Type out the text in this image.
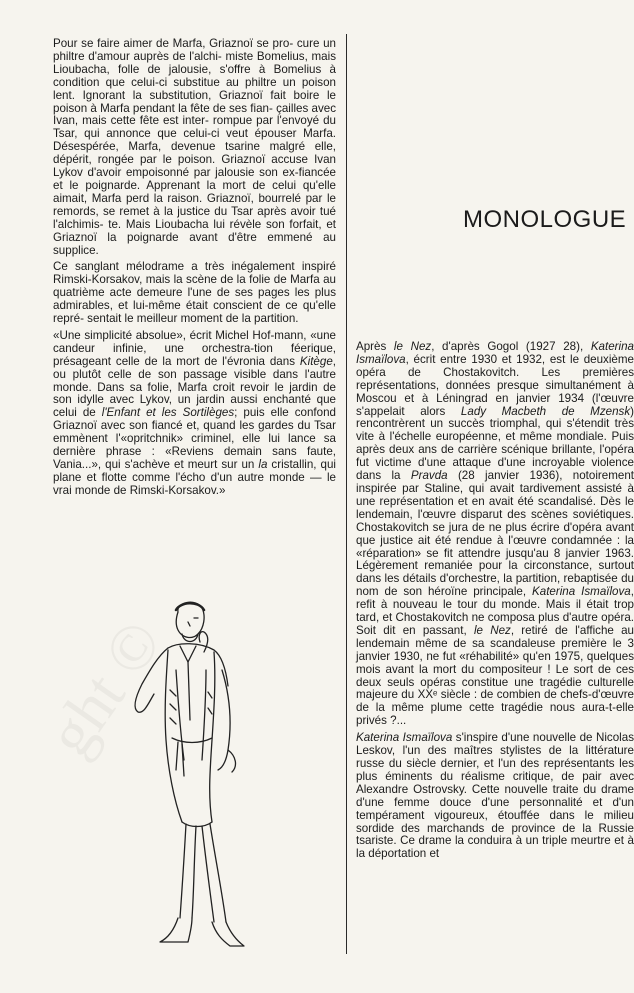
Pour se faire aimer de Marfa, Griaznoï se pro- cure un philtre d'amour auprès de l'alchi- miste Bomelius, mais Lioubacha, folle de jalousie, s'offre à Bomelius à condition que celui-ci substitue au philtre un poison lent. Ignorant la substitution, Griaznoï fait boire le poison à Marfa pendant la fête de ses fian- çailles avec Ivan, mais cette fête est inter- rompue par l'envoyé du Tsar, qui annonce que celui-ci veut épouser Marfa. Désespérée, Marfa, devenue tsarine malgré elle, dépérit, rongée par le poison. Griaznoï accuse Ivan Lykov d'avoir empoisonné par jalousie son ex-fiancée et le poignarde. Apprenant la mort de celui qu'elle aimait, Marfa perd la raison. Griaznoï, bourrelé par le remords, se remet à la justice du Tsar après avoir tué l'alchimis- te. Mais Lioubacha lui révèle son forfait, et Griaznoï la poignarde avant d'être emmené au supplice.

Ce sanglant mélodrame a très inégalement inspiré Rimski-Korsakov, mais la scène de la folie de Marfa au quatrième acte demeure l'une de ses pages les plus admirables, et lui-même était conscient de ce qu'elle repré- sentait le meilleur moment de la partition.

«Une simplicité absolue», écrit Michel Hof-mann, «une candeur infinie, une orchestra-tion féerique, présageant celle de la mort de l'évronia dans Kitège, ou plutôt celle de son passage visible dans l'autre monde. Dans sa folie, Marfa croit revoir le jardin de son idylle avec Lykov, un jardin aussi enchanté que celui de l'Enfant et les Sortilèges; puis elle confond Griaznoï avec son fiancé et, quand les gardes du Tsar emmènent l'«opritchnik» criminel, elle lui lance sa dernière phrase : «Reviens demain sans faute, Vania...», qui s'achève et meurt sur un la cristallin, qui plane et flotte comme l'écho d'un autre monde — le vrai monde de Rimski-Korsakov.»

MONOLOGUE

Après le Nez, d'après Gogol (1927 28), Katerina Ismaïlova, écrit entre 1930 et 1932, est le deuxième opéra de Chostakovitch. Les premières représentations, données presque simultanément à Moscou et à Léningrad en janvier 1934 (l'œuvre s'appelait alors Lady Macbeth de Mzensk) rencontrèrent un succès triomphal, qui s'étendit très vite à l'échelle européenne, et même mondiale. Puis après deux ans de carrière scénique brillante, l'opéra fut victime d'une attaque d'une incroyable violence dans la Pravda (28 janvier 1936), notoirement inspirée par Staline, qui avait tardivement assisté à une représentation et en avait été scandalisé. Dès le lendemain, l'œuvre disparut des scènes soviétiques. Chostakovitch se jura de ne plus écrire d'opéra avant que justice ait été rendue à l'œuvre condamnée : la «réparation» se fit attendre jusqu'au 8 janvier 1963. Légèrement remaniée pour la circonstance, surtout dans les détails d'orchestre, la partition, rebaptisée du nom de son héroïne principale, Katerina Ismaïlova, refit à nouveau le tour du monde. Mais il était trop tard, et Chostakovitch ne composa plus d'autre opéra. Soit dit en passant, le Nez, retiré de l'affiche au lendemain même de sa scandaleuse première le 3 janvier 1930, ne fut «réhabilité» qu'en 1975, quelques mois avant la mort du compositeur ! Le sort de ces deux seuls opéras constitue une tragédie culturelle majeure du XXᵉ siècle : de combien de chefs-d'œuvre de la même plume cette tragédie nous aura-t-elle privés ?...

Katerina Ismaïlova s'inspire d'une nouvelle de Nicolas Leskov, l'un des maîtres stylistes de la littérature russe du siècle dernier, et l'un des représentants les plus éminents du réalisme critique, de pair avec Alexandre Ostrovsky. Cette nouvelle traite du drame d'une femme douce d'une personnalité et d'un tempérament vigoureux, étouffée dans le milieu sordide des marchands de province de la Russie tsariste. Ce drame la conduira à un triple meurtre et à la déportation et

ght ©
